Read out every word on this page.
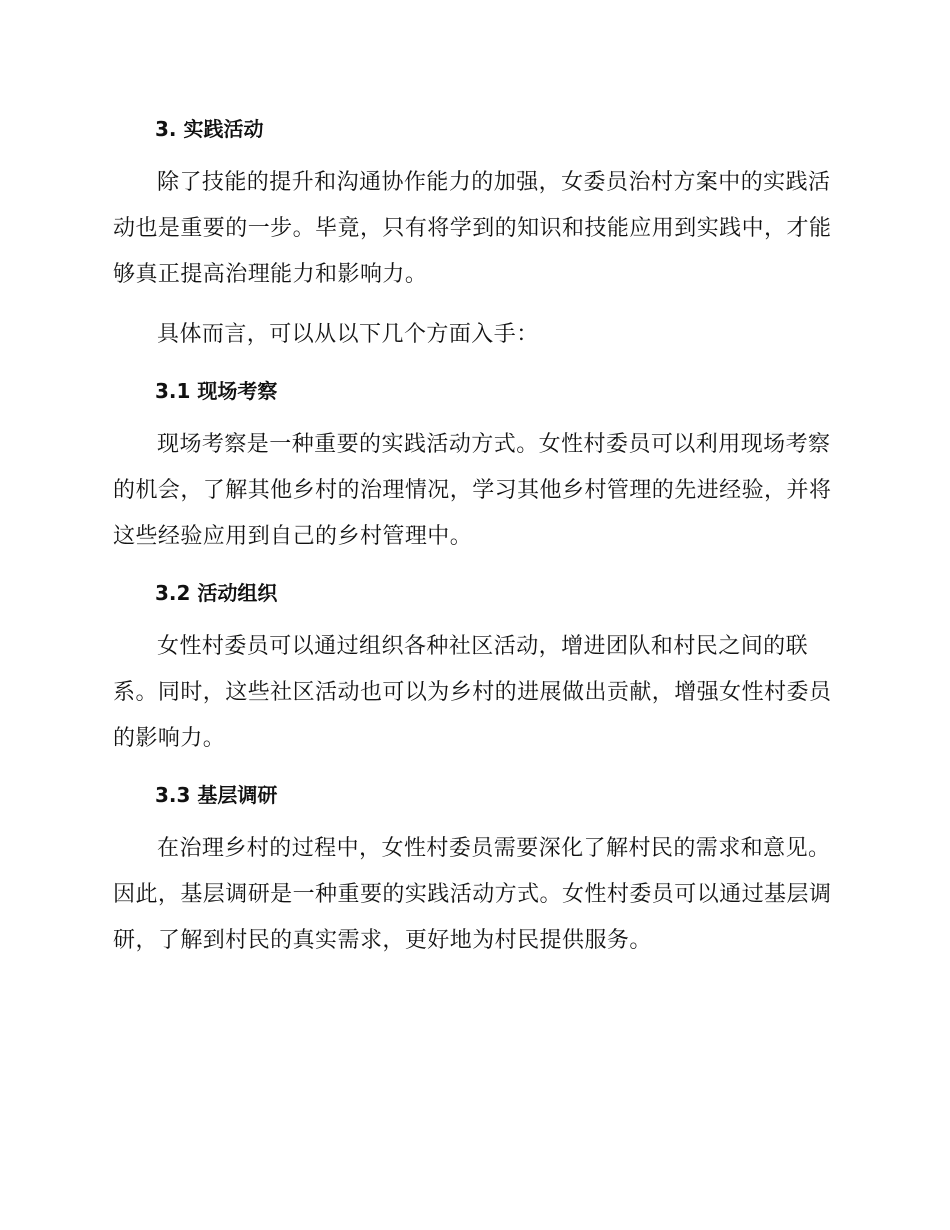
3. 实践活动

除了技能的提升和沟通协作能力的加强，女委员治村方案中的实践活动也是重要的一步。毕竟，只有将学到的知识和技能应用到实践中，才能够真正提高治理能力和影响力。

具体而言，可以从以下几个方面入手：

3.1 现场考察

现场考察是一种重要的实践活动方式。女性村委员可以利用现场考察的机会，了解其他乡村的治理情况，学习其他乡村管理的先进经验，并将这些经验应用到自己的乡村管理中。

3.2 活动组织

女性村委员可以通过组织各种社区活动，增进团队和村民之间的联系。同时，这些社区活动也可以为乡村的进展做出贡献，增强女性村委员的影响力。

3.3 基层调研

在治理乡村的过程中，女性村委员需要深化了解村民的需求和意见。因此，基层调研是一种重要的实践活动方式。女性村委员可以通过基层调研，了解到村民的真实需求，更好地为村民提供服务。
